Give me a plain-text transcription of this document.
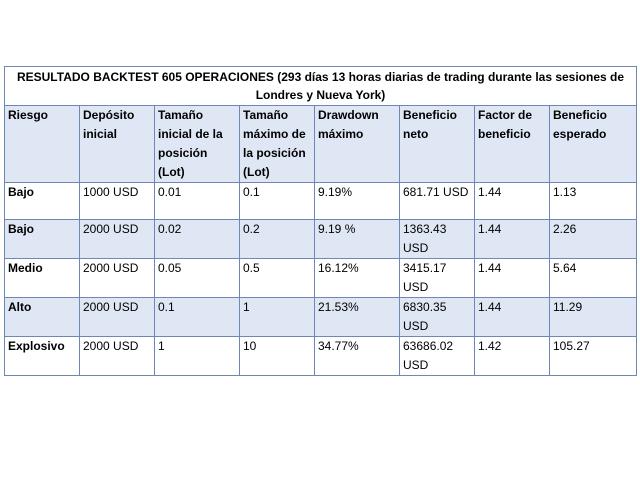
RESULTADO BACKTEST 605 OPERACIONES (293 días 13 horas diarias de trading durante las sesiones de Londres y Nueva York)							
Riesgo	Depósito inicial	Tamaño inicial de la posición (Lot)	Tamaño máximo de la posición (Lot)	Drawdown máximo	Beneficio neto	Factor de beneficio	Beneficio esperado
Bajo	1000 USD	0.01	0.1	9.19%	681.71 USD	1.44	1.13
Bajo	2000 USD	0.02	0.2	9.19 %	1363.43 USD	1.44	2.26
Medio	2000 USD	0.05	0.5	16.12%	3415.17 USD	1.44	5.64
Alto	2000 USD	0.1	1	21.53%	6830.35 USD	1.44	11.29
Explosivo	2000 USD	1	10	34.77%	63686.02 USD	1.42	105.27
